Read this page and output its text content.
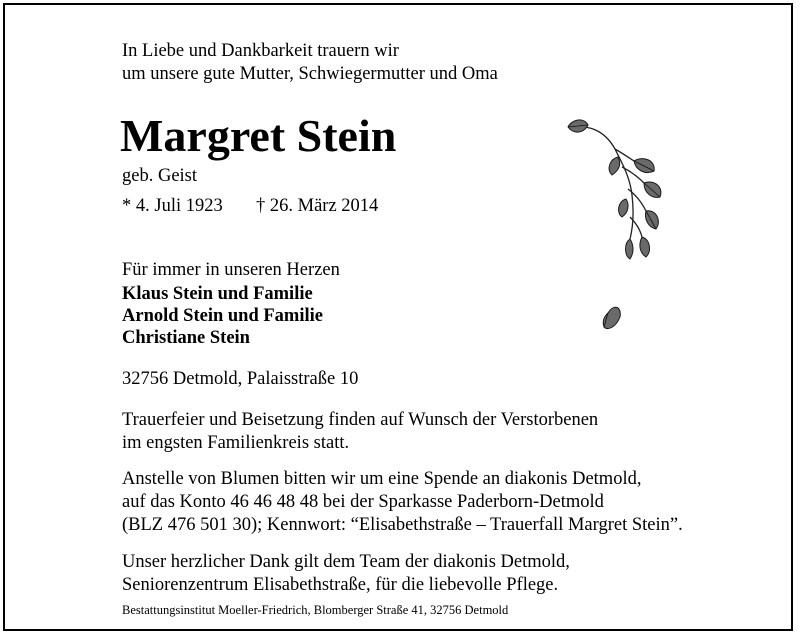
In Liebe und Dankbarkeit trauern wir
um unsere gute Mutter, Schwiegermutter und Oma
Margret Stein
geb. Geist
* 4. Juli 1923 † 26. März 2014
Für immer in unseren Herzen
Klaus Stein und Familie
Arnold Stein und Familie
Christiane Stein
32756 Detmold, Palaisstraße 10
Trauerfeier und Beisetzung finden auf Wunsch der Verstorbenen
im engsten Familienkreis statt.
Anstelle von Blumen bitten wir um eine Spende an diakonis Detmold,
auf das Konto 46 46 48 48 bei der Sparkasse Paderborn-Detmold
(BLZ 476 501 30); Kennwort: “Elisabethstraße – Trauerfall Margret Stein”.
Unser herzlicher Dank gilt dem Team der diakonis Detmold,
Seniorenzentrum Elisabethstraße, für die liebevolle Pflege.
Bestattungsinstitut Moeller-Friedrich, Blomberger Straße 41, 32756 Detmold
